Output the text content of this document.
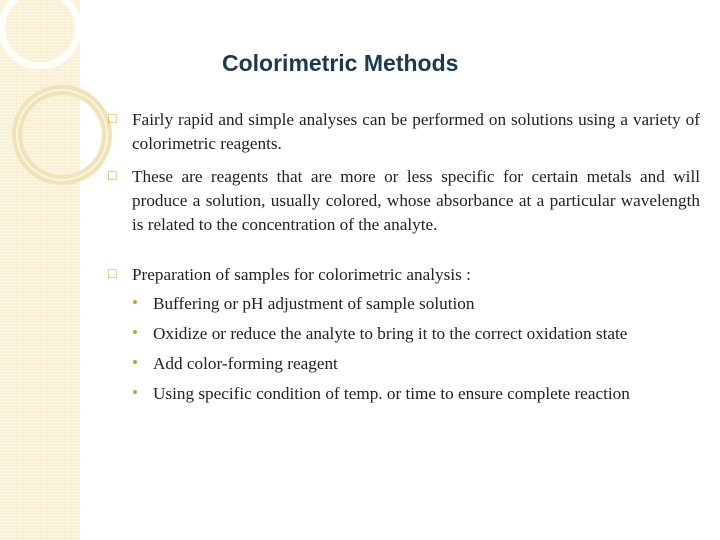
Colorimetric Methods
□ Fairly rapid and simple analyses can be performed on solutions using a variety of colorimetric reagents.
□ These are reagents that are more or less specific for certain metals and will produce a solution, usually colored, whose absorbance at a particular wavelength is related to the concentration of the analyte.
□ Preparation of samples for colorimetric analysis :
• Buffering or pH adjustment of sample solution
• Oxidize or reduce the analyte to bring it to the correct oxidation state
• Add color-forming reagent
• Using specific condition of temp. or time to ensure complete reaction
